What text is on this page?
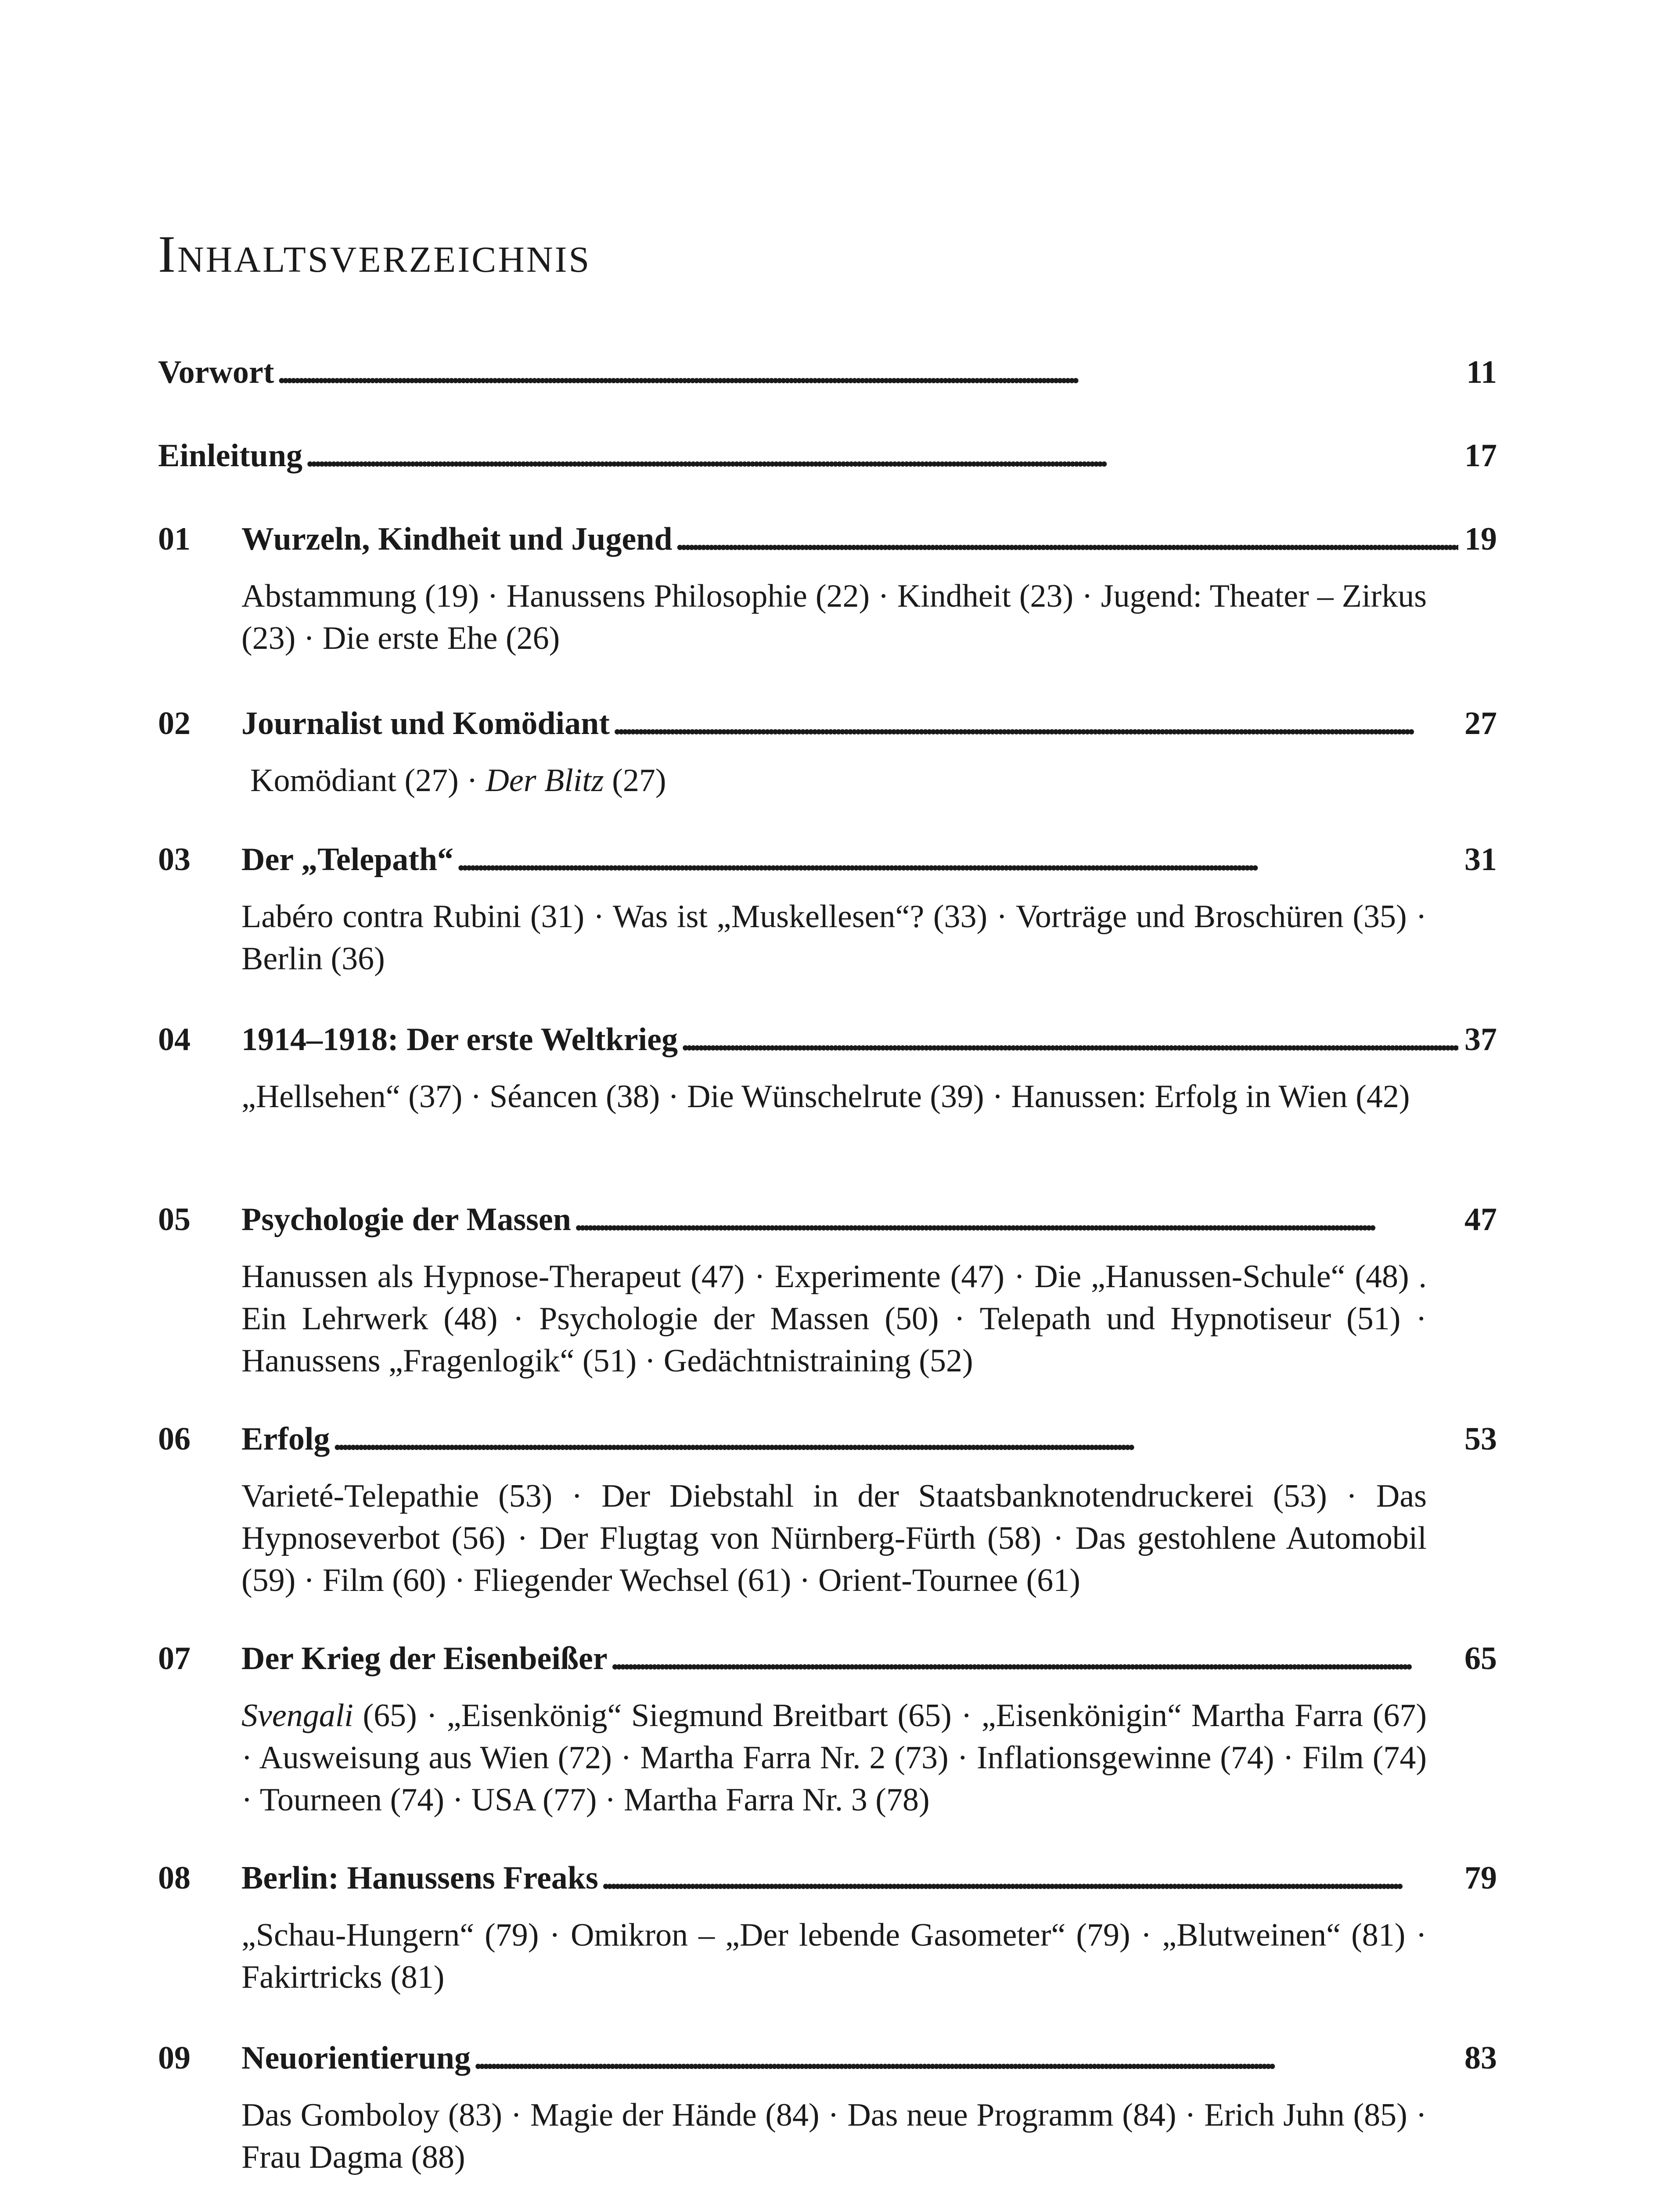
Inhaltsverzeichnis
Vorwort . . .	11
Einleitung . . .	17
01	Wurzeln, Kindheit und Jugend . . .	19
Abstammung (19) · Hanussens Philosophie (22) · Kindheit (23) · Jugend: Theater – Zirkus (23) · Die erste Ehe (26)
02	Journalist und Komödiant . . .	27
Komödiant (27) · Der Blitz (27)
03	Der „Telepath“ . . .	31
Labéro contra Rubini (31) · Was ist „Muskellesen“? (33) · Vorträge und Broschüren (35) · Berlin (36)
04	1914–1918: Der erste Weltkrieg . . .	37
„Hellsehen“ (37) · Séancen (38) · Die Wünschelrute (39) · Hanussen: Erfolg in Wien (42)
05	Psychologie der Massen . . .	47
Hanussen als Hypnose-Therapeut (47) · Experimente (47) · Die „Hanussen-Schule“ (48) . Ein Lehrwerk (48) · Psychologie der Massen (50) · Telepath und Hypnotiseur (51) · Hanussens „Fragenlogik“ (51) · Gedächtnistraining (52)
06	Erfolg . . .	53
Varieté-Telepathie (53) · Der Diebstahl in der Staatsbanknotendruckerei (53) · Das Hypnoseverbot (56) · Der Flugtag von Nürnberg-Fürth (58) · Das gestohlene Automobil (59) · Film (60) · Fliegender Wechsel (61) · Orient-Tournee (61)
07	Der Krieg der Eisenbeißer . . .	65
Svengali (65) · „Eisenkönig“ Siegmund Breitbart (65) · „Eisenkönigin“ Martha Farra (67) · Ausweisung aus Wien (72) · Martha Farra Nr. 2 (73) · Inflationsgewinne (74) · Film (74) · Tourneen (74) · USA (77) · Martha Farra Nr. 3 (78)
08	Berlin: Hanussens Freaks . . .	79
„Schau-Hungern“ (79) · Omikron – „Der lebende Gasometer“ (79) · „Blutweinen“ (81) · Fakirtricks (81)
09	Neuorientierung . . .	83
Das Gomboloy (83) · Magie der Hände (84) · Das neue Programm (84) · Erich Juhn (85) · Frau Dagma (88)
